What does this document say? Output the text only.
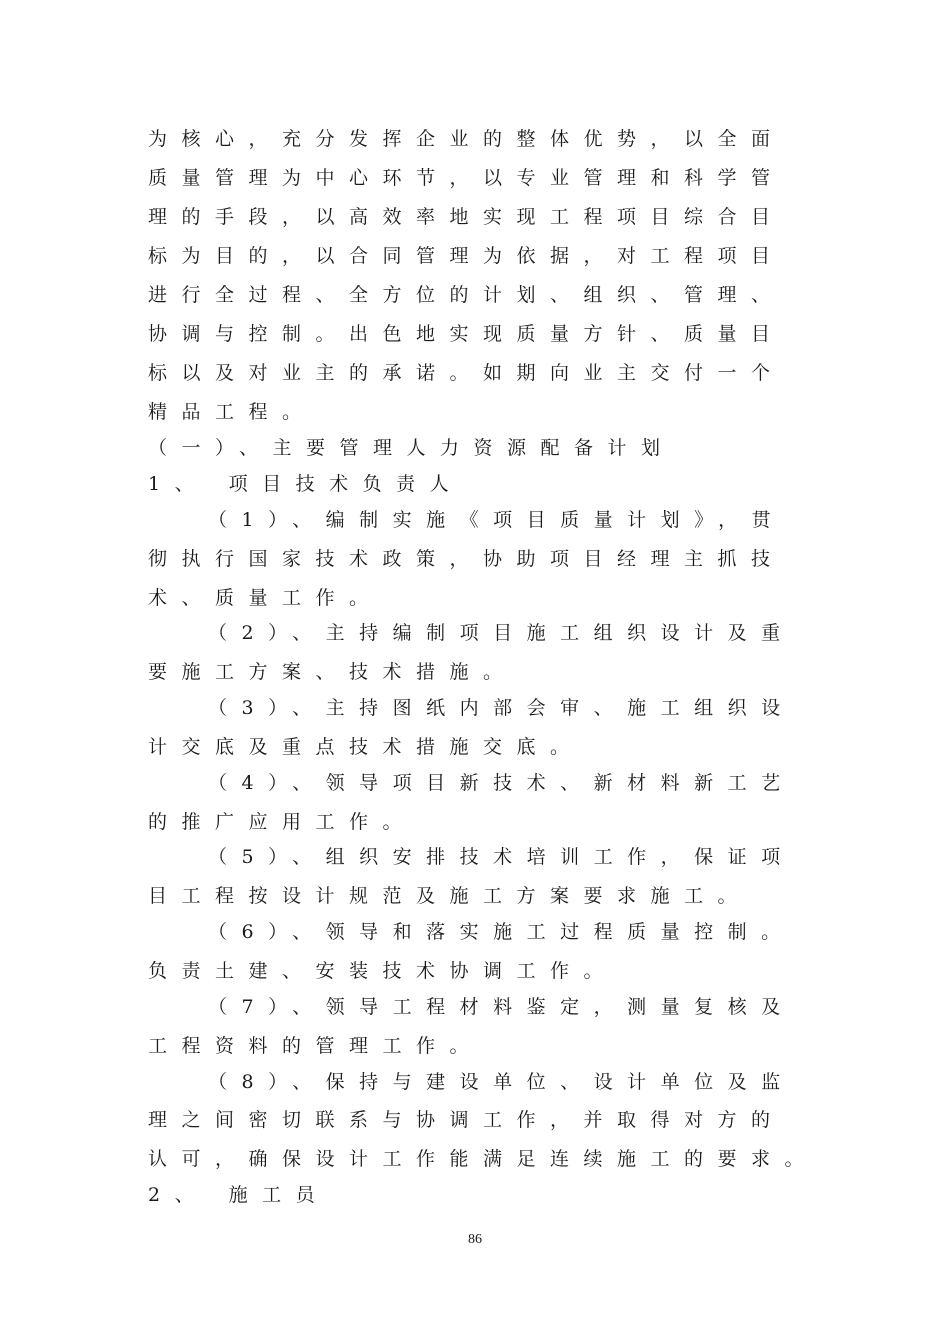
为核心，充分发挥企业的整体优势，以全面
质量管理为中心环节，以专业管理和科学管
理的手段，以高效率地实现工程项目综合目
标为目的，以合同管理为依据，对工程项目
进行全过程、全方位的计划、组织、管理、
协调与控制。出色地实现质量方针、质量目
标以及对业主的承诺。如期向业主交付一个
精品工程。
（一）、主要管理人力资源配备计划
1、 项目技术负责人
（1）、编制实施《项目质量计划》，贯
彻执行国家技术政策，协助项目经理主抓技
术、质量工作。
（2）、主持编制项目施工组织设计及重
要施工方案、技术措施。
（3）、主持图纸内部会审、施工组织设
计交底及重点技术措施交底。
（4）、领导项目新技术、新材料新工艺
的推广应用工作。
（5）、组织安排技术培训工作，保证项
目工程按设计规范及施工方案要求施工。
（6）、领导和落实施工过程质量控制。
负责土建、安装技术协调工作。
（7）、领导工程材料鉴定，测量复核及
工程资料的管理工作。
（8）、保持与建设单位、设计单位及监
理之间密切联系与协调工作，并取得对方的
认可，确保设计工作能满足连续施工的要求。
2、 施工员
86
